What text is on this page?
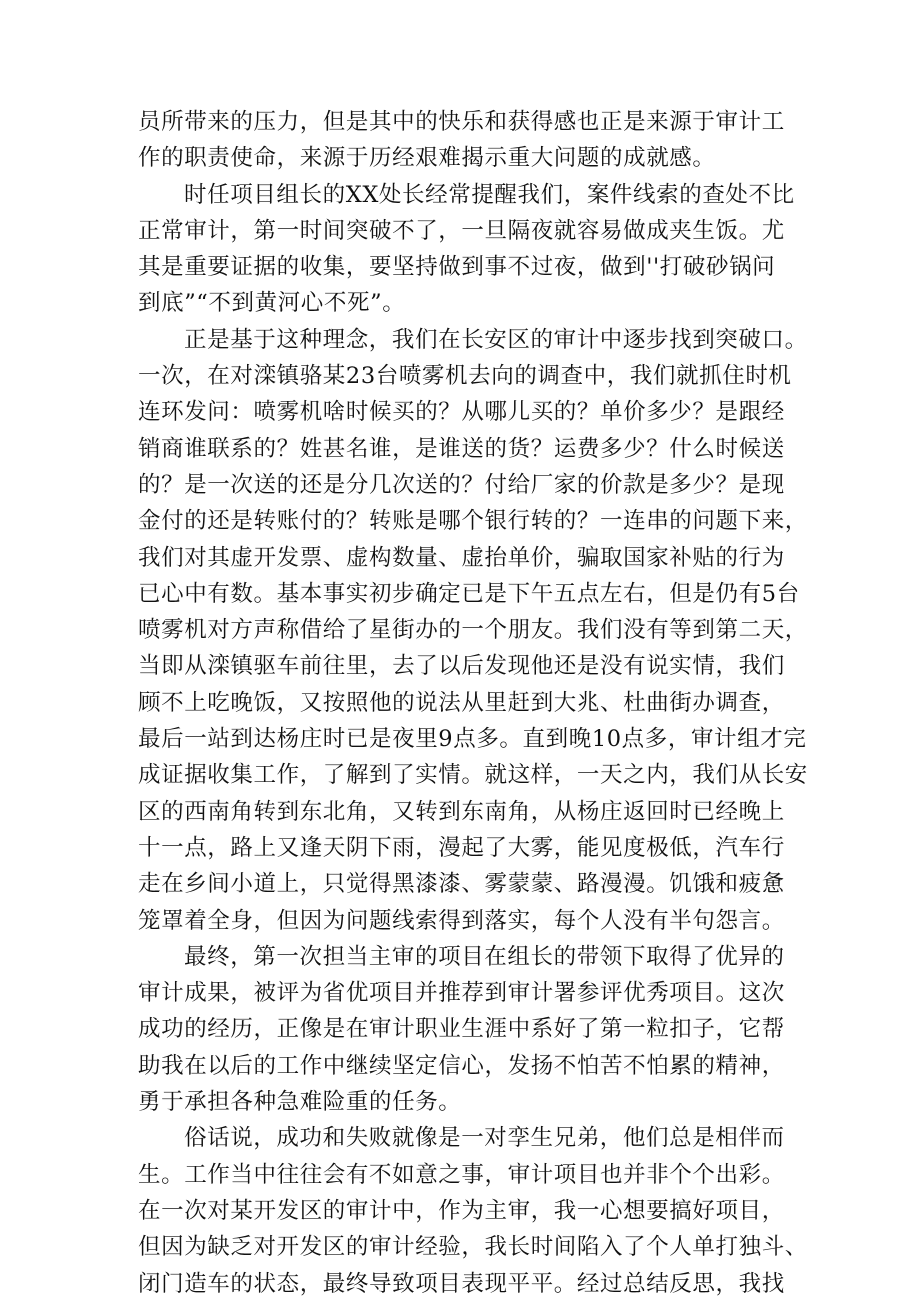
员所带来的压力，但是其中的快乐和获得感也正是来源于审计工
作的职责使命，来源于历经艰难揭示重大问题的成就感。
时任项目组长的XX处长经常提醒我们，案件线索的查处不比
正常审计，第一时间突破不了，一旦隔夜就容易做成夹生饭。尤
其是重要证据的收集，要坚持做到事不过夜，做到''打破砂锅问
到底”“不到黄河心不死”。
正是基于这种理念，我们在长安区的审计中逐步找到突破口。
一次，在对滦镇骆某23台喷雾机去向的调查中，我们就抓住时机
连环发问：喷雾机啥时候买的？从哪儿买的？单价多少？是跟经
销商谁联系的？姓甚名谁，是谁送的货？运费多少？什么时候送
的？是一次送的还是分几次送的？付给厂家的价款是多少？是现
金付的还是转账付的？转账是哪个银行转的？一连串的问题下来，
我们对其虚开发票、虚构数量、虚抬单价，骗取国家补贴的行为
已心中有数。基本事实初步确定已是下午五点左右，但是仍有5台
喷雾机对方声称借给了星街办的一个朋友。我们没有等到第二天，
当即从滦镇驱车前往里，去了以后发现他还是没有说实情，我们
顾不上吃晚饭，又按照他的说法从里赶到大兆、杜曲街办调查，
最后一站到达杨庄时已是夜里9点多。直到晚10点多，审计组才完
成证据收集工作，了解到了实情。就这样，一天之内，我们从长安
区的西南角转到东北角，又转到东南角，从杨庄返回时已经晚上
十一点，路上又逢天阴下雨，漫起了大雾，能见度极低，汽车行
走在乡间小道上，只觉得黑漆漆、雾蒙蒙、路漫漫。饥饿和疲惫
笼罩着全身，但因为问题线索得到落实，每个人没有半句怨言。
最终，第一次担当主审的项目在组长的带领下取得了优异的
审计成果，被评为省优项目并推荐到审计署参评优秀项目。这次
成功的经历，正像是在审计职业生涯中系好了第一粒扣子，它帮
助我在以后的工作中继续坚定信心，发扬不怕苦不怕累的精神，
勇于承担各种急难险重的任务。
俗话说，成功和失败就像是一对孪生兄弟，他们总是相伴而
生。工作当中往往会有不如意之事，审计项目也并非个个出彩。
在一次对某开发区的审计中，作为主审，我一心想要搞好项目，
但因为缺乏对开发区的审计经验，我长时间陷入了个人单打独斗、
闭门造车的状态，最终导致项目表现平平。经过总结反思，我找
